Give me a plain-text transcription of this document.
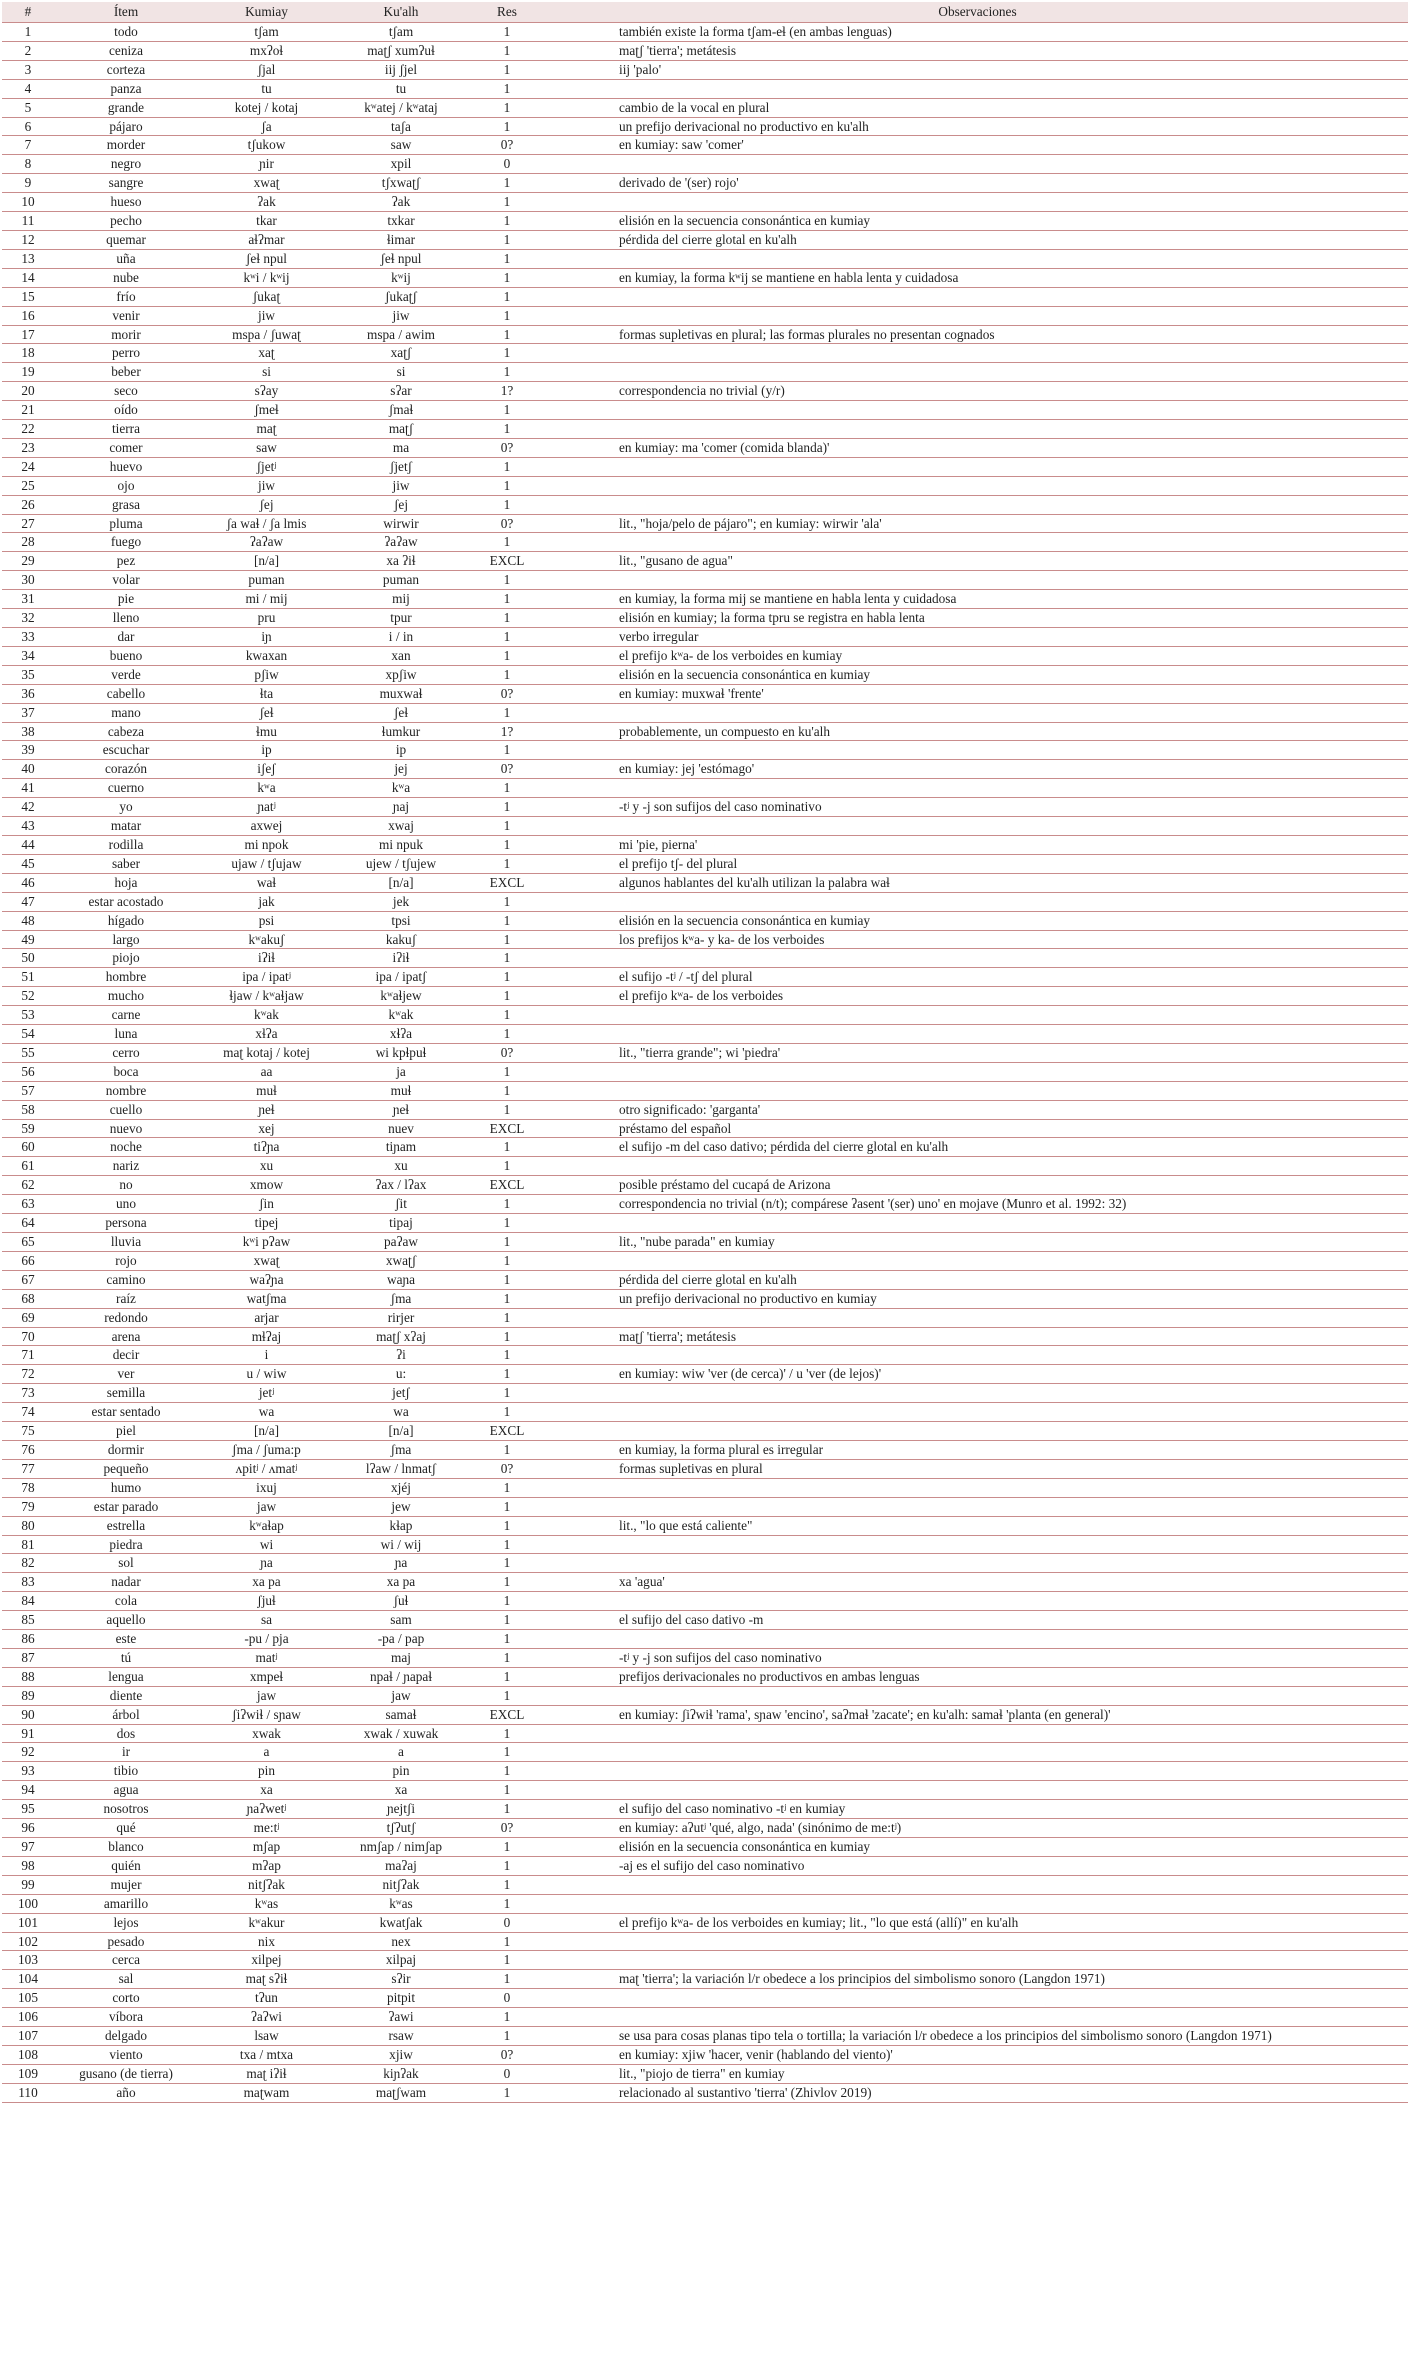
#	Ítem	Kumiay	Ku'alh	Res	Observaciones
1	todo	tʃam	tʃam	1	también existe la forma tʃam-eɬ (en ambas lenguas)
2	ceniza	mxʔoɬ	maʈʃ xumʔuɬ	1	maʈʃ 'tierra'; metátesis
3	corteza	ʃjal	iij ʃjel	1	iij 'palo'
4	panza	tu	tu	1	
5	grande	kotej / kotaj	kʷatej / kʷataj	1	cambio de la vocal en plural
6	pájaro	ʃa	taʃa	1	un prefijo derivacional no productivo en ku'alh
7	morder	tʃukow	saw	0?	en kumiay: saw 'comer'
8	negro	ɲir	xpil	0	
9	sangre	xwaʈ	tʃxwaʈʃ	1	derivado de '(ser) rojo'
10	hueso	ʔak	ʔak	1	
11	pecho	tkar	txkar	1	elisión en la secuencia consonántica en kumiay
12	quemar	aɬʔmar	ɬimar	1	pérdida del cierre glotal en ku'alh
13	uña	ʃeɬ npul	ʃeɬ npul	1	
14	nube	kʷi / kʷij	kʷij	1	en kumiay, la forma kʷij se mantiene en habla lenta y cuidadosa
15	frío	ʃukaʈ	ʃukaʈʃ	1	
16	venir	jiw	jiw	1	
17	morir	mspa / ʃuwaʈ	mspa / awim	1	formas supletivas en plural; las formas plurales no presentan cognados
18	perro	xaʈ	xaʈʃ	1	
19	beber	si	si	1	
20	seco	sʔay	sʔar	1?	correspondencia no trivial (y/r)
21	oído	ʃmeɬ	ʃmaɬ	1	
22	tierra	maʈ	maʈʃ	1	
23	comer	saw	ma	0?	en kumiay: ma 'comer (comida blanda)'
24	huevo	ʃjetʲ	ʃjetʃ	1	
25	ojo	jiw	jiw	1	
26	grasa	ʃej	ʃej	1	
27	pluma	ʃa waɬ / ʃa lmis	wirwir	0?	lit., "hoja/pelo de pájaro"; en kumiay: wirwir 'ala'
28	fuego	ʔaʔaw	ʔaʔaw	1	
29	pez	[n/a]	xa ʔiɬ	EXCL	lit., "gusano de agua"
30	volar	puman	puman	1	
31	pie	mi / mij	mij	1	en kumiay, la forma mij se mantiene en habla lenta y cuidadosa
32	lleno	pru	tpur	1	elisión en kumiay; la forma tpru se registra en habla lenta
33	dar	iɲ	i / in	1	verbo irregular
34	bueno	kwaxan	xan	1	el prefijo kʷa- de los verboides en kumiay
35	verde	pʃiw	xpʃiw	1	elisión en la secuencia consonántica en kumiay
36	cabello	ɬta	muxwaɬ	0?	en kumiay: muxwaɬ 'frente'
37	mano	ʃeɬ	ʃeɬ	1	
38	cabeza	ɬmu	ɬumkur	1?	probablemente, un compuesto en ku'alh
39	escuchar	ip	ip	1	
40	corazón	iʃeʃ	jej	0?	en kumiay: jej 'estómago'
41	cuerno	kʷa	kʷa	1	
42	yo	ɲatʲ	ɲaj	1	-tʲ y -j son sufijos del caso nominativo
43	matar	axwej	xwaj	1	
44	rodilla	mi npok	mi npuk	1	mi 'pie, pierna'
45	saber	ujaw / tʃujaw	ujew / tʃujew	1	el prefijo tʃ- del plural
46	hoja	waɬ	[n/a]	EXCL	algunos hablantes del ku'alh utilizan la palabra waɬ
47	estar acostado	jak	jek	1	
48	hígado	psi	tpsi	1	elisión en la secuencia consonántica en kumiay
49	largo	kʷakuʃ	kakuʃ	1	los prefijos kʷa- y ka- de los verboides
50	piojo	iʔiɬ	iʔiɬ	1	
51	hombre	ipa / ipatʲ	ipa / ipatʃ	1	el sufijo -tʲ / -tʃ del plural
52	mucho	ɬjaw / kʷaɬjaw	kʷaɬjew	1	el prefijo kʷa- de los verboides
53	carne	kʷak	kʷak	1	
54	luna	xɬʔa	xɬʔa	1	
55	cerro	maʈ kotaj / kotej	wi kpɬpuɬ	0?	lit., "tierra grande"; wi 'piedra'
56	boca	aa	ja	1	
57	nombre	muɬ	muɬ	1	
58	cuello	ɲeɬ	ɲeɬ	1	otro significado: 'garganta'
59	nuevo	xej	nuev	EXCL	préstamo del español
60	noche	tiʔɲa	tiɲam	1	el sufijo -m del caso dativo; pérdida del cierre glotal en ku'alh
61	nariz	xu	xu	1	
62	no	xmow	ʔax / lʔax	EXCL	posible préstamo del cucapá de Arizona
63	uno	ʃin	ʃit	1	correspondencia no trivial (n/t); compárese ʔasent '(ser) uno' en mojave (Munro et al. 1992: 32)
64	persona	tipej	tipaj	1	
65	lluvia	kʷi pʔaw	paʔaw	1	lit., "nube parada" en kumiay
66	rojo	xwaʈ	xwaʈʃ	1	
67	camino	waʔɲa	waɲa	1	pérdida del cierre glotal en ku'alh
68	raíz	watʃma	ʃma	1	un prefijo derivacional no productivo en kumiay
69	redondo	arjar	rirjer	1	
70	arena	mɬʔaj	maʈʃ xʔaj	1	maʈʃ 'tierra'; metátesis
71	decir	i	ʔi	1	
72	ver	u / wiw	u:	1	en kumiay: wiw 'ver (de cerca)' / u 'ver (de lejos)'
73	semilla	jetʲ	jetʃ	1	
74	estar sentado	wa	wa	1	
75	piel	[n/a]	[n/a]	EXCL	
76	dormir	ʃma / ʃuma:p	ʃma	1	en kumiay, la forma plural es irregular
77	pequeño	ʌpitʲ / ʌmatʲ	lʔaw / lnmatʃ	0?	formas supletivas en plural
78	humo	ixuj	xjéj	1	
79	estar parado	jaw	jew	1	
80	estrella	kʷaɬap	kɬap	1	lit., "lo que está caliente"
81	piedra	wi	wi / wij	1	
82	sol	ɲa	ɲa	1	
83	nadar	xa pa	xa pa	1	xa 'agua'
84	cola	ʃjuɬ	ʃuɬ	1	
85	aquello	sa	sam	1	el sufijo del caso dativo -m
86	este	-pu / pja	-pa / pap	1	
87	tú	matʲ	maj	1	-tʲ y -j son sufijos del caso nominativo
88	lengua	xmpeɬ	npaɬ / ɲapaɬ	1	prefijos derivacionales no productivos en ambas lenguas
89	diente	jaw	jaw	1	
90	árbol	ʃiʔwiɬ / sɲaw	samaɬ	EXCL	en kumiay: ʃiʔwiɬ 'rama', sɲaw 'encino', saʔmaɬ 'zacate'; en ku'alh: samaɬ 'planta (en general)'
91	dos	xwak	xwak / xuwak	1	
92	ir	a	a	1	
93	tibio	pin	pin	1	
94	agua	xa	xa	1	
95	nosotros	ɲaʔwetʲ	ɲejtʃi	1	el sufijo del caso nominativo -tʲ en kumiay
96	qué	me:tʲ	tʃʔutʃ	0?	en kumiay: aʔutʲ 'qué, algo, nada' (sinónimo de me:tʲ)
97	blanco	mʃap	nmʃap / nimʃap	1	elisión en la secuencia consonántica en kumiay
98	quién	mʔap	maʔaj	1	-aj es el sufijo del caso nominativo
99	mujer	nitʃʔak	nitʃʔak	1	
100	amarillo	kʷas	kʷas	1	
101	lejos	kʷakur	kwatʃak	0	el prefijo kʷa- de los verboides en kumiay; lit., "lo que está (allí)" en ku'alh
102	pesado	nix	nex	1	
103	cerca	xilpej	xilpaj	1	
104	sal	maʈ sʔiɬ	sʔir	1	maʈ 'tierra'; la variación l/r obedece a los principios del simbolismo sonoro (Langdon 1971)
105	corto	tʔun	pitpit	0	
106	víbora	ʔaʔwi	ʔawi	1	
107	delgado	lsaw	rsaw	1	se usa para cosas planas tipo tela o tortilla; la variación l/r obedece a los principios del simbolismo sonoro (Langdon 1971)
108	viento	txa / mtxa	xjiw	0?	en kumiay: xjiw 'hacer, venir (hablando del viento)'
109	gusano (de tierra)	maʈ iʔiɬ	kiɲʔak	0	lit., "piojo de tierra" en kumiay
110	año	maʈwam	maʈʃwam	1	relacionado al sustantivo 'tierra' (Zhivlov 2019)
